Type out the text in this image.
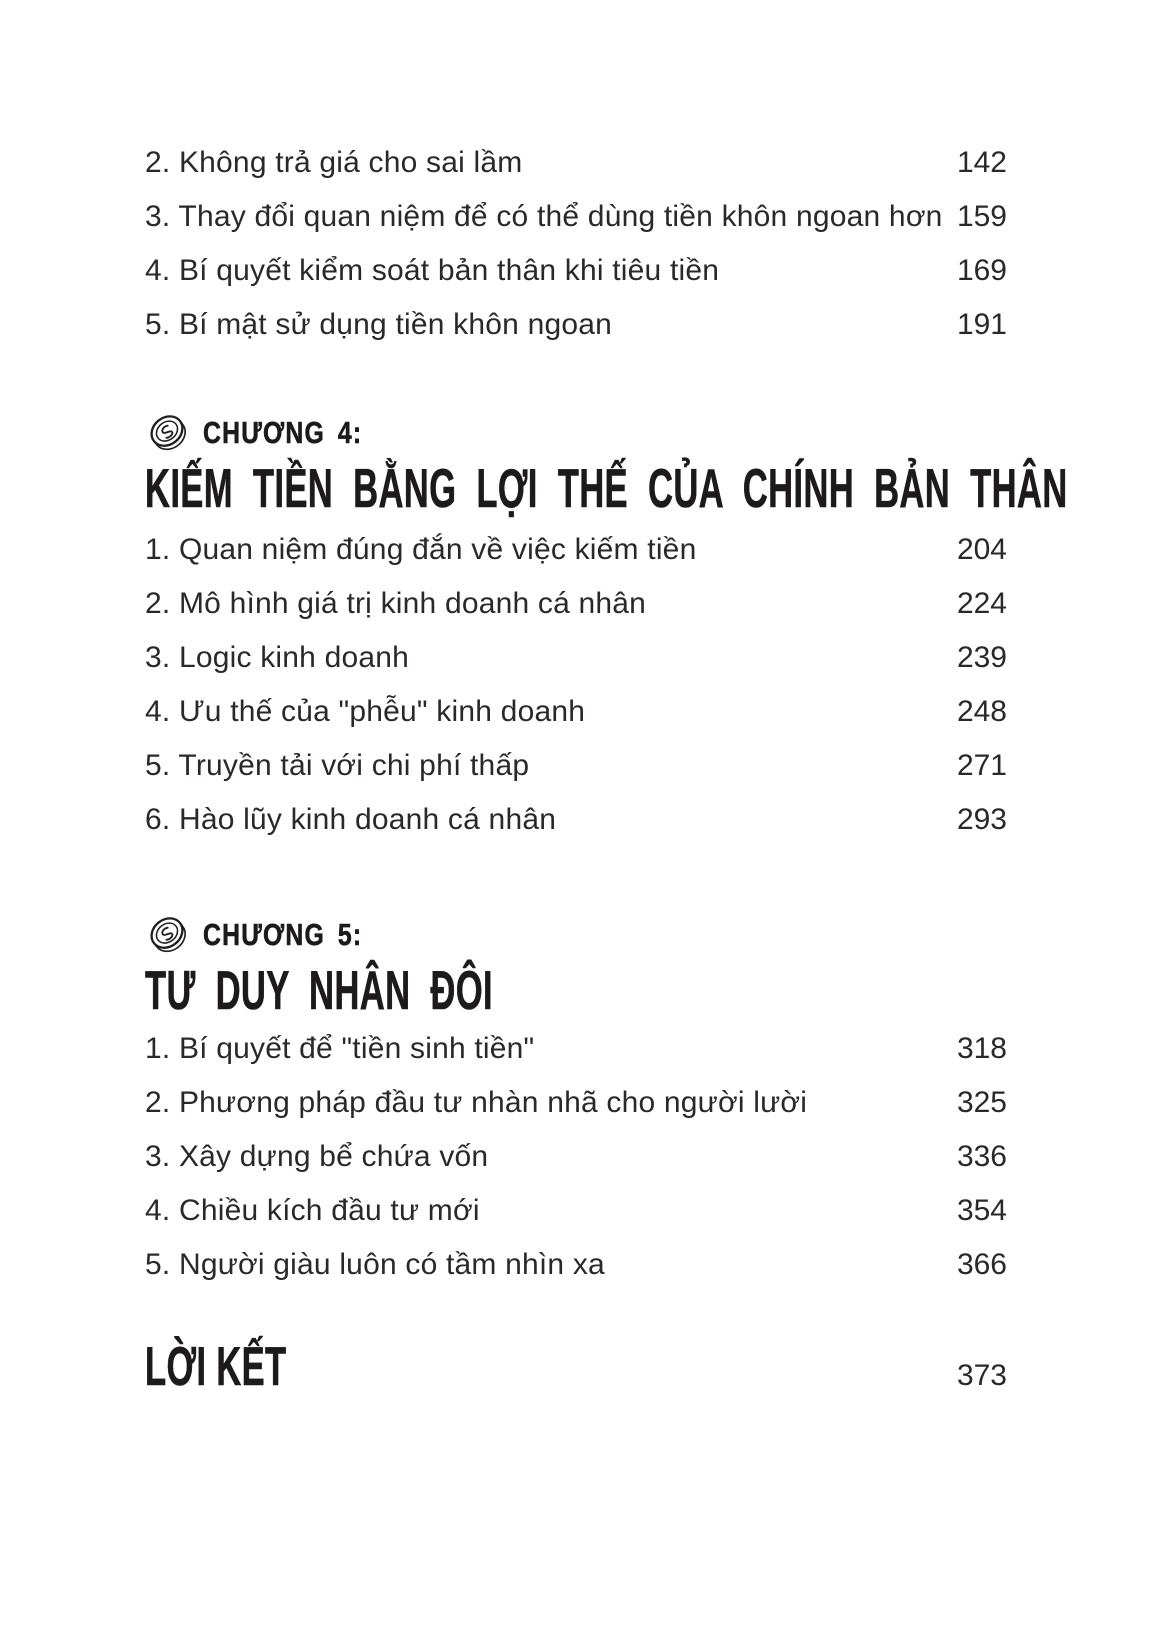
2. Không trả giá cho sai lầm	142
3. Thay đổi quan niệm để có thể dùng tiền khôn ngoan hơn 159
4. Bí quyết kiểm soát bản thân khi tiêu tiền	169
5. Bí mật sử dụng tiền khôn ngoan	191
CHƯƠNG 4:
KIẾM TIỀN BẰNG LỢI THẾ CỦA CHÍNH BẢN THÂN
1. Quan niệm đúng đắn về việc kiếm tiền	204
2. Mô hình giá trị kinh doanh cá nhân	224
3. Logic kinh doanh	239
4. Ưu thế của "phễu" kinh doanh	248
5. Truyền tải với chi phí thấp	271
6. Hào lũy kinh doanh cá nhân	293
CHƯƠNG 5:
TƯ DUY NHÂN ĐÔI
1. Bí quyết để "tiền sinh tiền"	318
2. Phương pháp đầu tư nhàn nhã cho người lười	325
3. Xây dựng bể chứa vốn	336
4. Chiều kích đầu tư mới	354
5. Người giàu luôn có tầm nhìn xa	366
LỜI KẾT	373
